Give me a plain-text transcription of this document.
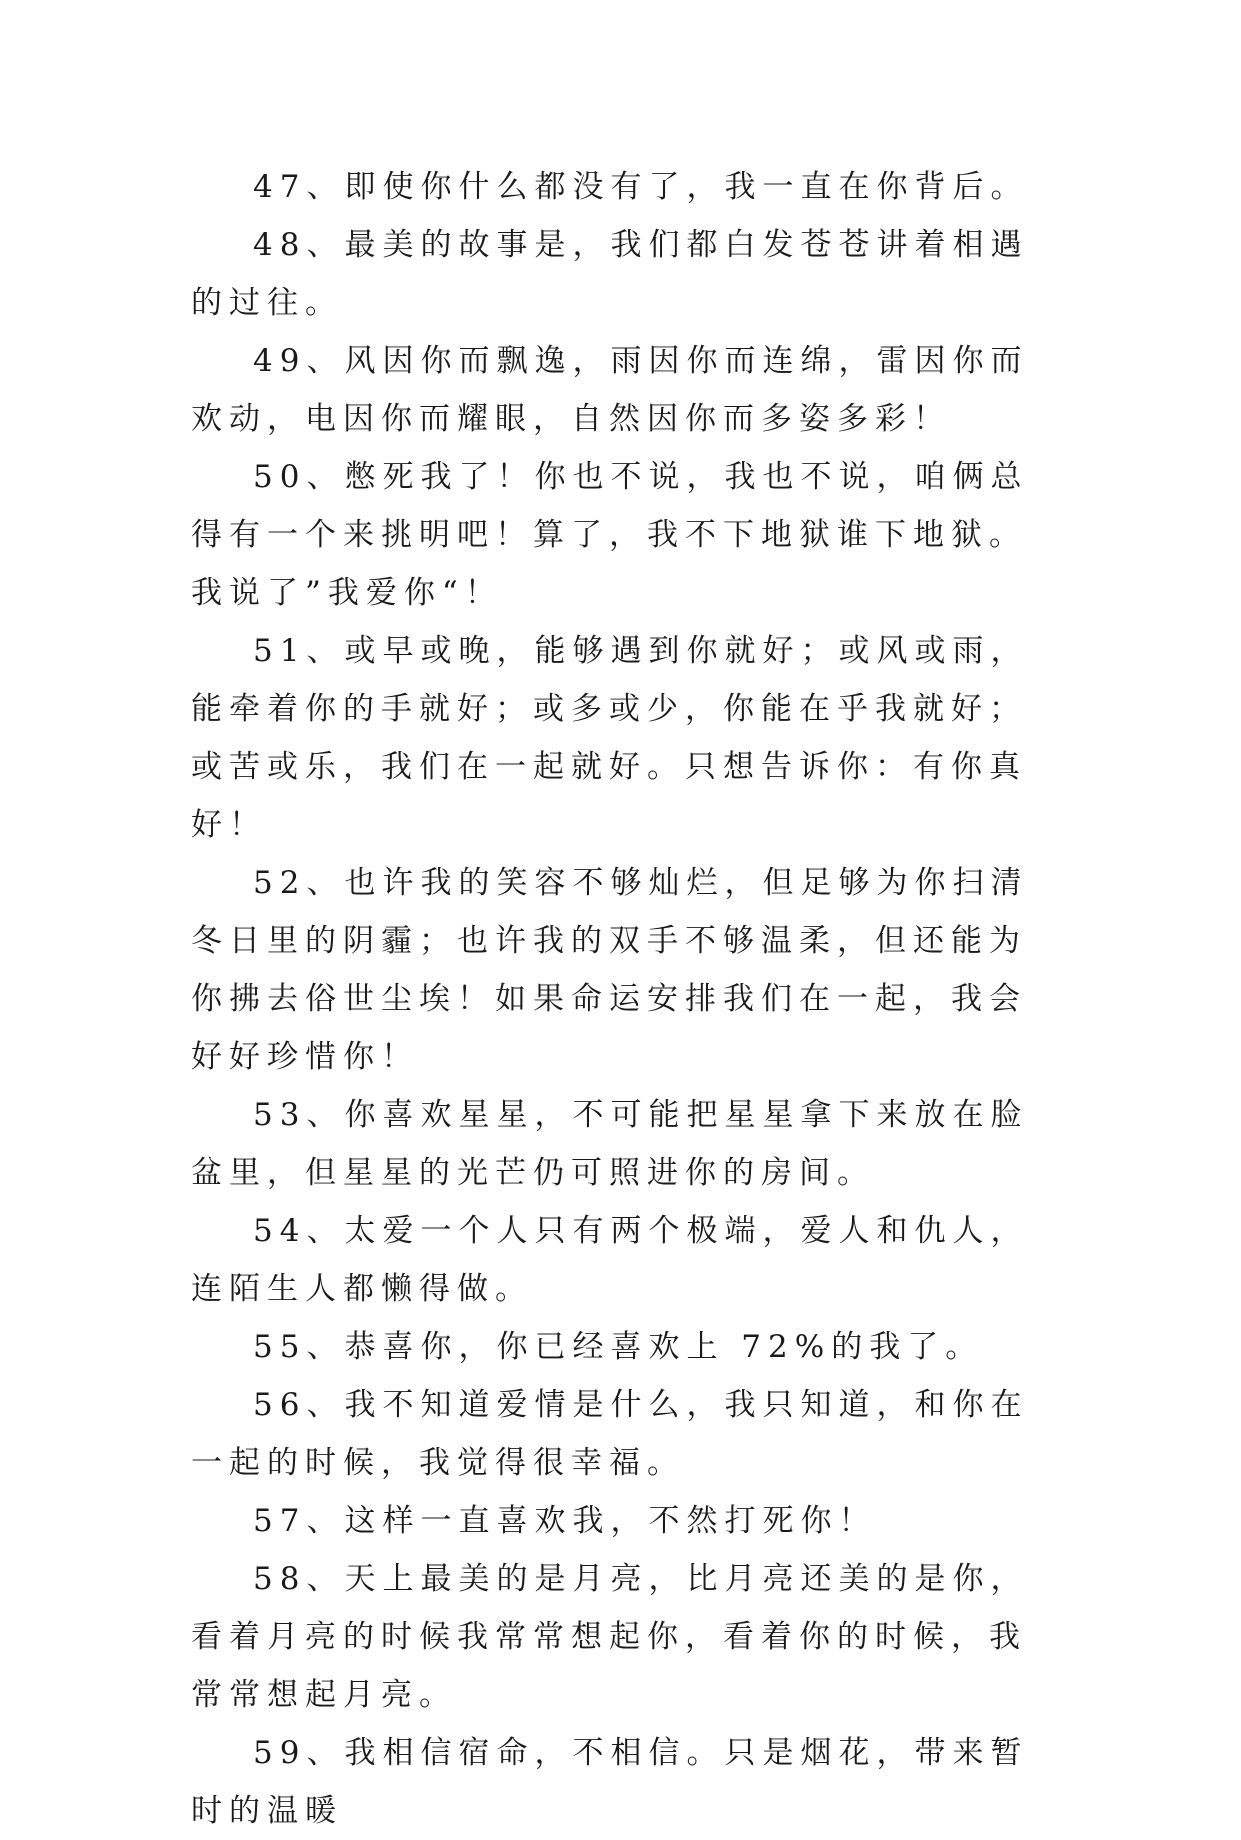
47、即使你什么都没有了，我一直在你背后。

48、最美的故事是，我们都白发苍苍讲着相遇的过往。

49、风因你而飘逸，雨因你而连绵，雷因你而欢动，电因你而耀眼，自然因你而多姿多彩！

50、憋死我了！你也不说，我也不说，咱俩总得有一个来挑明吧！算了，我不下地狱谁下地狱。我说了”我爱你“！

51、或早或晚，能够遇到你就好；或风或雨，能牵着你的手就好；或多或少，你能在乎我就好；或苦或乐，我们在一起就好。只想告诉你：有你真好！

52、也许我的笑容不够灿烂，但足够为你扫清冬日里的阴霾；也许我的双手不够温柔，但还能为你拂去俗世尘埃！如果命运安排我们在一起，我会好好珍惜你！

53、你喜欢星星，不可能把星星拿下来放在脸盆里，但星星的光芒仍可照进你的房间。

54、太爱一个人只有两个极端，爱人和仇人，连陌生人都懒得做。

55、恭喜你，你已经喜欢上 72%的我了。

56、我不知道爱情是什么，我只知道，和你在一起的时候，我觉得很幸福。

57、这样一直喜欢我，不然打死你！

58、天上最美的是月亮，比月亮还美的是你，看着月亮的时候我常常想起你，看着你的时候，我常常想起月亮。

59、我相信宿命，不相信。只是烟花，带来暂时的温暖
